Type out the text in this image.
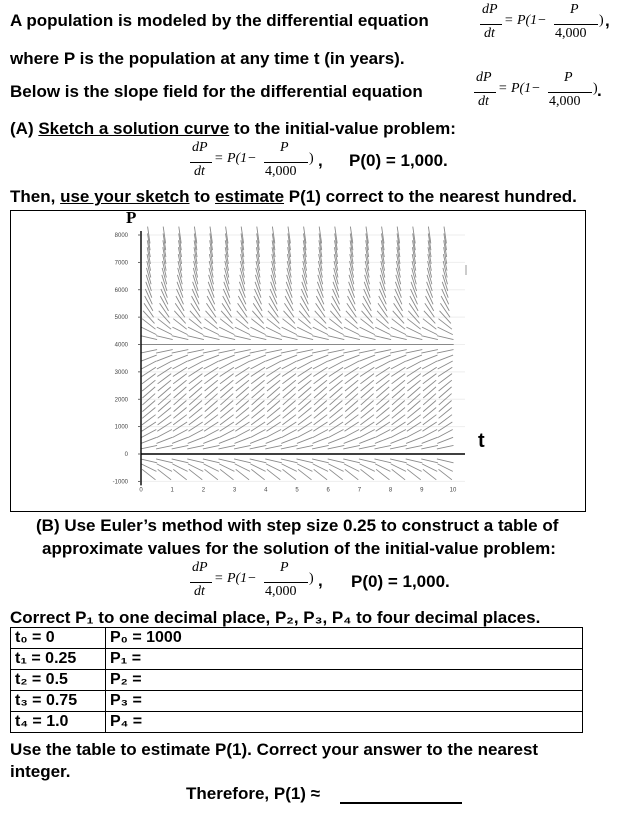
A population is modeled by the differential equation
dP
dt
= P(1−
P
4,000
) ,
where P is the population at any time t (in years).
Below is the slope field for the differential equation
dP
dt
= P(1−
P
4,000
) .
(A) Sketch a solution curve to the initial-value problem:
dP
dt
= P(1−
P
4,000
) , P(0) = 1,000.
Then, use your sketch to estimate P(1) correct to the nearest hundred.
P
8000
7000
6000
5000
4000
3000
2000
1000
0
-1000
0	1	2	3	4	5	6	7	8	9	10
t
(B) Use Euler’s method with step size 0.25 to construct a table of
approximate values for the solution of the initial-value problem:
dP
dt
= P(1−
P
4,000
) , P(0) = 1,000.
Correct P₁ to one decimal place, P₂, P₃, P₄ to four decimal places.
t₀ = 0	P₀ = 1000
t₁ = 0.25	P₁ =
t₂ = 0.5	P₂ =
t₃ = 0.75	P₃ =
t₄ = 1.0	P₄ =
Use the table to estimate P(1). Correct your answer to the nearest
integer.
Therefore, P(1) ≈
